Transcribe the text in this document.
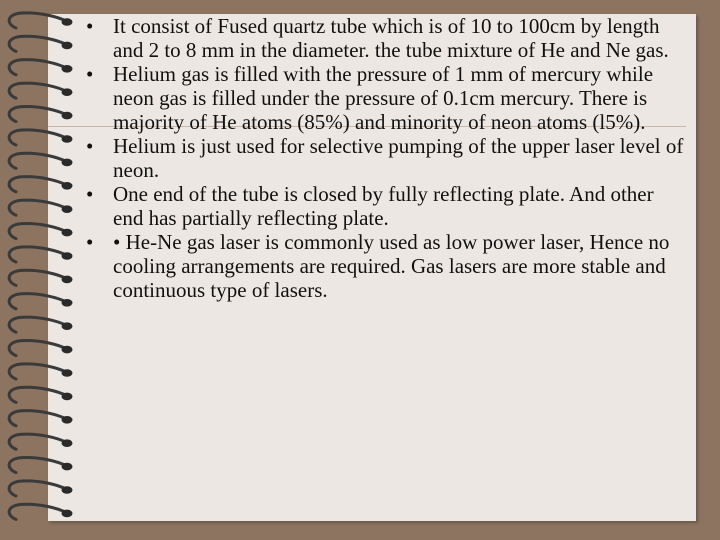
• It consist of Fused quartz tube which is of 10 to 100cm by length and 2 to 8 mm in the diameter. the tube mixture of He and Ne gas.
• Helium gas is filled with the pressure of 1 mm of mercury while neon gas is filled under the pressure of 0.1cm mercury. There is majority of He atoms (85%) and minority of neon atoms (l5%).
• Helium is just used for selective pumping of the upper laser level of neon.
• One end of the tube is closed by fully reflecting plate. And other end has partially reflecting plate.
• • He-Ne gas laser is commonly used as low power laser, Hence no cooling arrangements are required. Gas lasers are more stable and continuous type of lasers.
